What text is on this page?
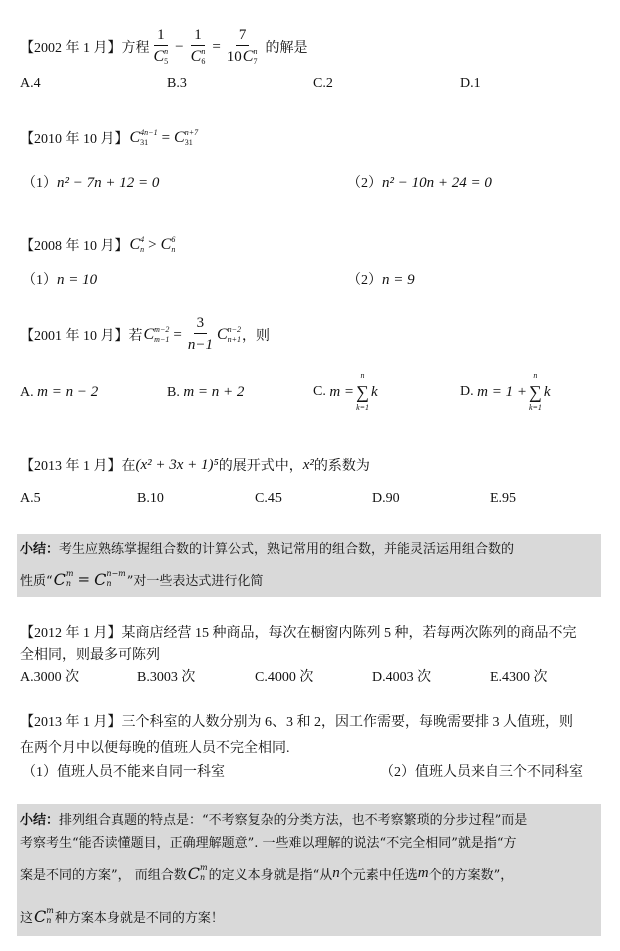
【2002 年 1 月】 方程 1
C n
5 − 1
C n
6 = 7
10 C n
7 的解是
A.4	B.3	C.2	D.1
【2010 年 10 月】 C 4n−1
31 = C n+7
31
（1）n² − 7n + 12 = 0	（2）n² − 10n + 24 = 0
【2008 年 10 月】 C 4
n > C 6
n
（1）n = 10	（2）n = 9
【2001 年 10 月】 若 C m−2
$m-1 = \frac{3}{n-1}$ C n−2
n+1 ，则
A. m = n − 2	B. m = n + 2	C.
m =
n
∑
k=1
k	D.
m = 1 +
n
∑
k=1
k
【2013 年 1 月】 在 (x² + 3x + 1)⁵ 的展开式中， x² 的系数为
A.5	B.10	C.45	D.90	E.95
小结： 考生应熟练掌握组合数的计算公式，熟记常用的组合数，并能灵活运用组合数的
性质“ C m
n = C n−m
n	”对一些表达式进行化简
【2012 年 1 月】 某商店经营 15 种商品，每次在橱窗内陈列 5 种，若每两次陈列的商品不完
全相同，则最多可陈列
A.3000 次	B.3003 次	C.4000 次	D.4003 次	E.4300 次
【2013 年 1 月】 三个科室的人数分别为 6、3 和 2，因工作需要，每晚需要排 3 人值班，则
在两个月中以便每晚的值班人员不完全相同.
（1）值班人员不能来自同一科室	（2）值班人员来自三个不同科室
小结： 排列组合真题的特点是：“不考察复杂的分类方法，也不考察繁琐的分步过程”而是
考察考生“能否读懂题目，正确理解题意”. 一些难以理解的说法“不完全相同”就是指“方
案是不同的方案”， 而组合数 C m
n 的定义本身就是指“从 n 个元素中任选 m 个的方案数”，
这 C m
n 种方案本身就是不同的方案！
